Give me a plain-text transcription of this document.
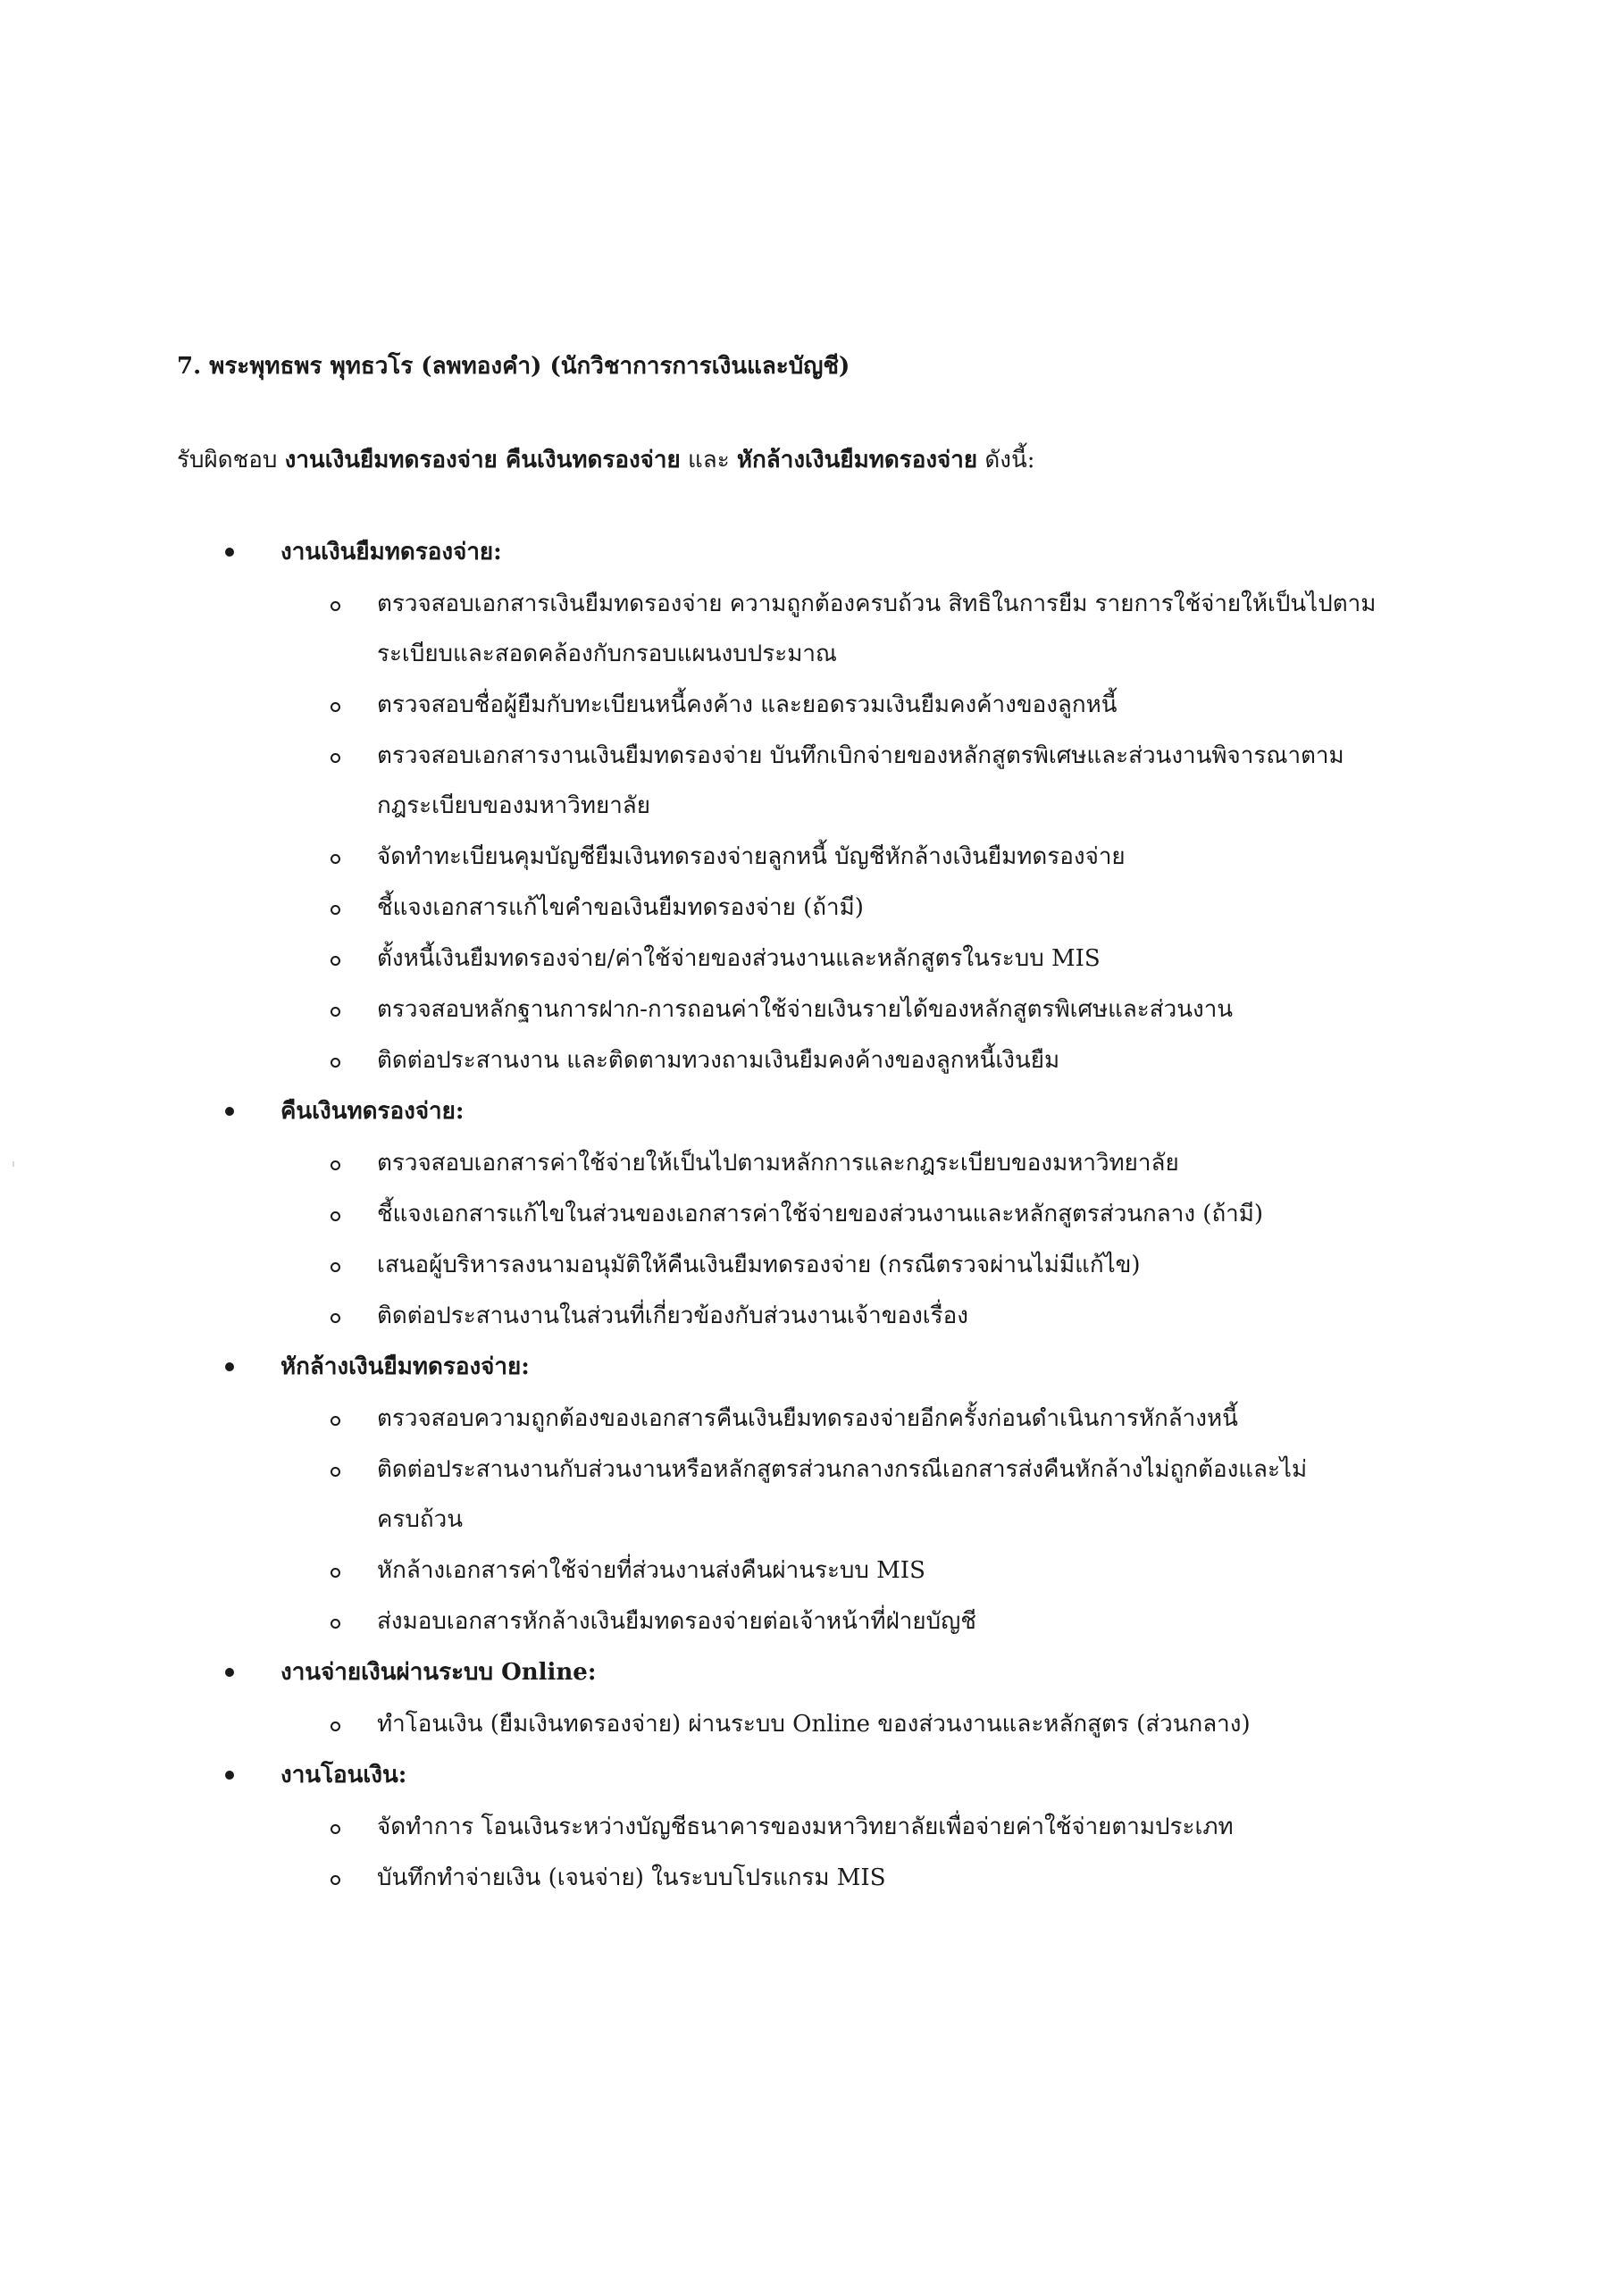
7. พระพุทธพร พุทธวโร (ลพทองคำ) (นักวิชาการการเงินและบัญชี)
รับผิดชอบ งานเงินยืมทดรองจ่าย คืนเงินทดรองจ่าย และ หักล้างเงินยืมทดรองจ่าย ดังนี้:
งานเงินยืมทดรองจ่าย:
ตรวจสอบเอกสารเงินยืมทดรองจ่าย ความถูกต้องครบถ้วน สิทธิในการยืม รายการใช้จ่ายให้เป็นไปตาม
ระเบียบและสอดคล้องกับกรอบแผนงบประมาณ
ตรวจสอบชื่อผู้ยืมกับทะเบียนหนี้คงค้าง และยอดรวมเงินยืมคงค้างของลูกหนี้
ตรวจสอบเอกสารงานเงินยืมทดรองจ่าย บันทึกเบิกจ่ายของหลักสูตรพิเศษและส่วนงานพิจารณาตาม
กฎระเบียบของมหาวิทยาลัย
จัดทำทะเบียนคุมบัญชียืมเงินทดรองจ่ายลูกหนี้ บัญชีหักล้างเงินยืมทดรองจ่าย
ชี้แจงเอกสารแก้ไขคำขอเงินยืมทดรองจ่าย (ถ้ามี)
ตั้งหนี้เงินยืมทดรองจ่าย/ค่าใช้จ่ายของส่วนงานและหลักสูตรในระบบ MIS
ตรวจสอบหลักฐานการฝาก-การถอนค่าใช้จ่ายเงินรายได้ของหลักสูตรพิเศษและส่วนงาน
ติดต่อประสานงาน และติดตามทวงถามเงินยืมคงค้างของลูกหนี้เงินยืม
คืนเงินทดรองจ่าย:
ตรวจสอบเอกสารค่าใช้จ่ายให้เป็นไปตามหลักการและกฎระเบียบของมหาวิทยาลัย
ชี้แจงเอกสารแก้ไขในส่วนของเอกสารค่าใช้จ่ายของส่วนงานและหลักสูตรส่วนกลาง (ถ้ามี)
เสนอผู้บริหารลงนามอนุมัติให้คืนเงินยืมทดรองจ่าย (กรณีตรวจผ่านไม่มีแก้ไข)
ติดต่อประสานงานในส่วนที่เกี่ยวข้องกับส่วนงานเจ้าของเรื่อง
หักล้างเงินยืมทดรองจ่าย:
ตรวจสอบความถูกต้องของเอกสารคืนเงินยืมทดรองจ่ายอีกครั้งก่อนดำเนินการหักล้างหนี้
ติดต่อประสานงานกับส่วนงานหรือหลักสูตรส่วนกลางกรณีเอกสารส่งคืนหักล้างไม่ถูกต้องและไม่
ครบถ้วน
หักล้างเอกสารค่าใช้จ่ายที่ส่วนงานส่งคืนผ่านระบบ MIS
ส่งมอบเอกสารหักล้างเงินยืมทดรองจ่ายต่อเจ้าหน้าที่ฝ่ายบัญชี
งานจ่ายเงินผ่านระบบ Online:
ทำโอนเงิน (ยืมเงินทดรองจ่าย) ผ่านระบบ Online ของส่วนงานและหลักสูตร (ส่วนกลาง)
งานโอนเงิน:
จัดทำการ โอนเงินระหว่างบัญชีธนาคารของมหาวิทยาลัยเพื่อจ่ายค่าใช้จ่ายตามประเภท
บันทึกทำจ่ายเงิน (เจนจ่าย) ในระบบโปรแกรม MIS
